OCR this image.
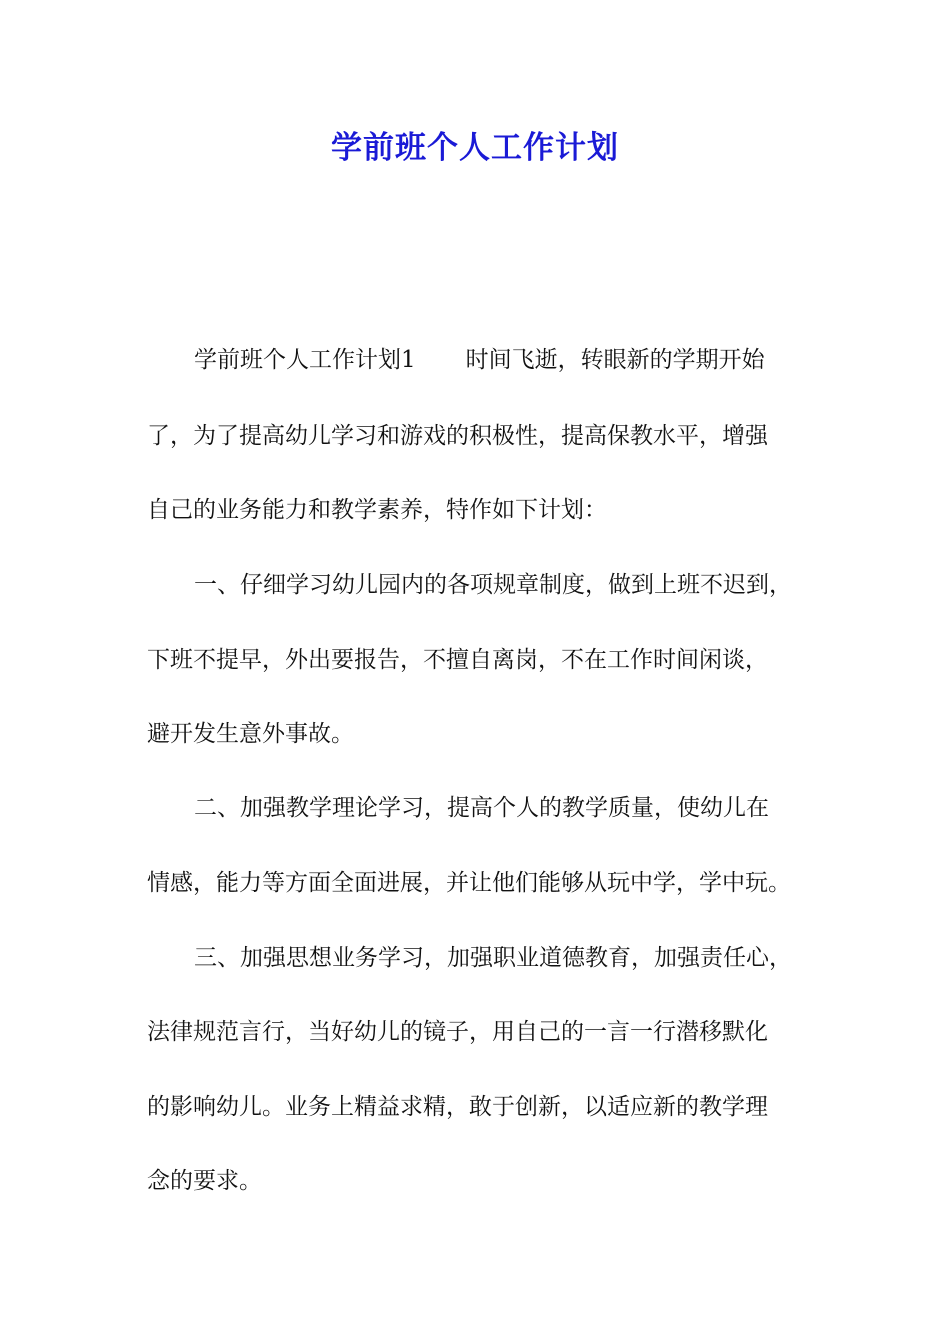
学前班个人工作计划

学前班个人工作计划1 时间飞逝，转眼新的学期开始

了，为了提高幼儿学习和游戏的积极性，提高保教水平，增强

自己的业务能力和教学素养，特作如下计划：

一、仔细学习幼儿园内的各项规章制度，做到上班不迟到，

下班不提早，外出要报告，不擅自离岗，不在工作时间闲谈，

避开发生意外事故。

二、加强教学理论学习，提高个人的教学质量，使幼儿在

情感，能力等方面全面进展，并让他们能够从玩中学，学中玩。

三、加强思想业务学习，加强职业道德教育，加强责任心，

法律规范言行，当好幼儿的镜子，用自己的一言一行潜移默化

的影响幼儿。业务上精益求精，敢于创新，以适应新的教学理

念的要求。
